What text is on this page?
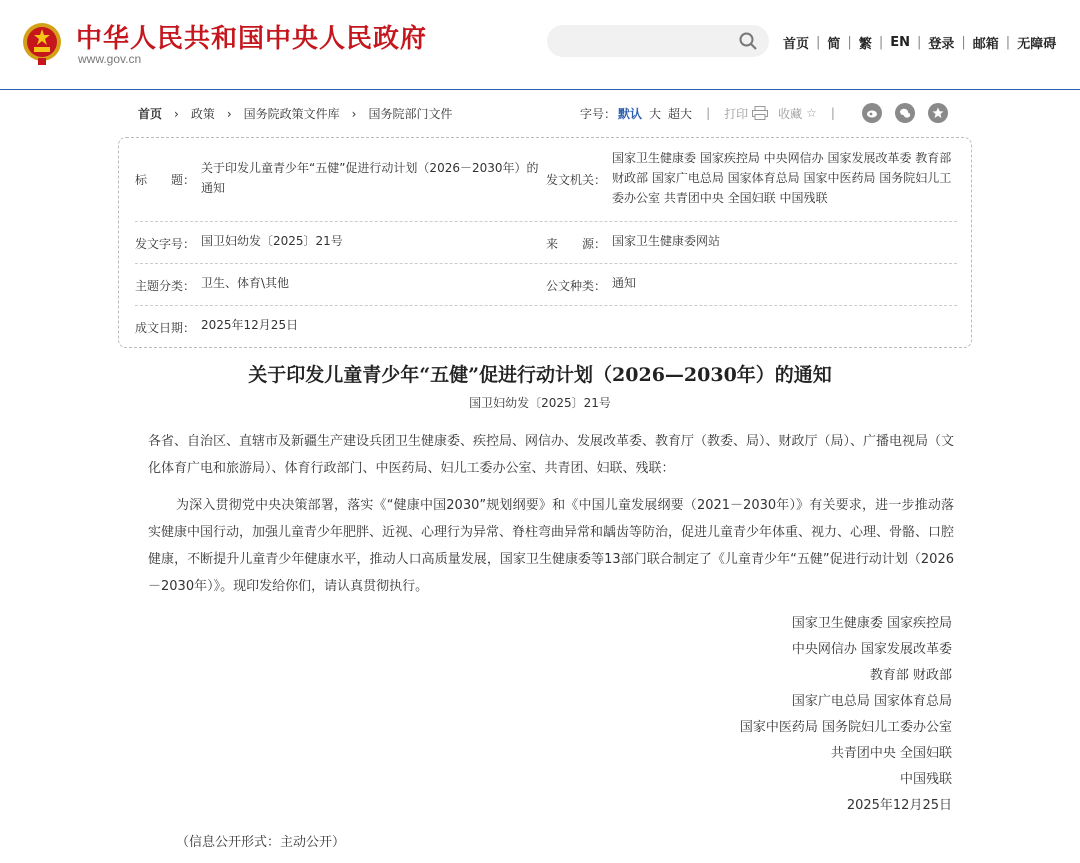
中华人民共和国中央人民政府
www.gov.cn
首页 | 简 | 繁 | EN | 登录 | 邮箱 | 无障碍
首页 › 政策 › 国务院政策文件库 › 国务院部门文件	字号： 默认 大 超大 | 打印	收藏 ☆ |
标　　题：
关于印发儿童青少年“五健”促进行动计划（2026－2030年）的通知
发文机关：
国家卫生健康委 国家疾控局 中央网信办 国家发展改革委 教育部 财政部 国家广电总局 国家体育总局 国家中医药局 国务院妇儿工委办公室 共青团中央 全国妇联 中国残联
发文字号： 国卫妇幼发〔2025〕21号	来　　源： 国家卫生健康委网站
主题分类： 卫生、体育\其他	公文种类： 通知
成文日期： 2025年12月25日
关于印发儿童青少年“五健”促进行动计划（2026—2030年）的通知
国卫妇幼发〔2025〕21号
各省、自治区、直辖市及新疆生产建设兵团卫生健康委、疾控局、网信办、发展改革委、教育厅（教委、局）、财政厅（局）、广播电视局（文化体育广电和旅游局）、体育行政部门、中医药局、妇儿工委办公室、共青团、妇联、残联：
为深入贯彻党中央决策部署，落实《“健康中国2030”规划纲要》和《中国儿童发展纲要（2021－2030年）》有关要求，进一步推动落实健康中国行动，加强儿童青少年肥胖、近视、心理行为异常、脊柱弯曲异常和龋齿等防治，促进儿童青少年体重、视力、心理、骨骼、口腔健康，不断提升儿童青少年健康水平，推动人口高质量发展，国家卫生健康委等13部门联合制定了《儿童青少年“五健”促进行动计划（2026－2030年）》。现印发给你们，请认真贯彻执行。
国家卫生健康委 国家疾控局
中央网信办 国家发展改革委
教育部 财政部
国家广电总局 国家体育总局
国家中医药局 国务院妇儿工委办公室
共青团中央 全国妇联
中国残联
2025年12月25日
（信息公开形式：主动公开）
